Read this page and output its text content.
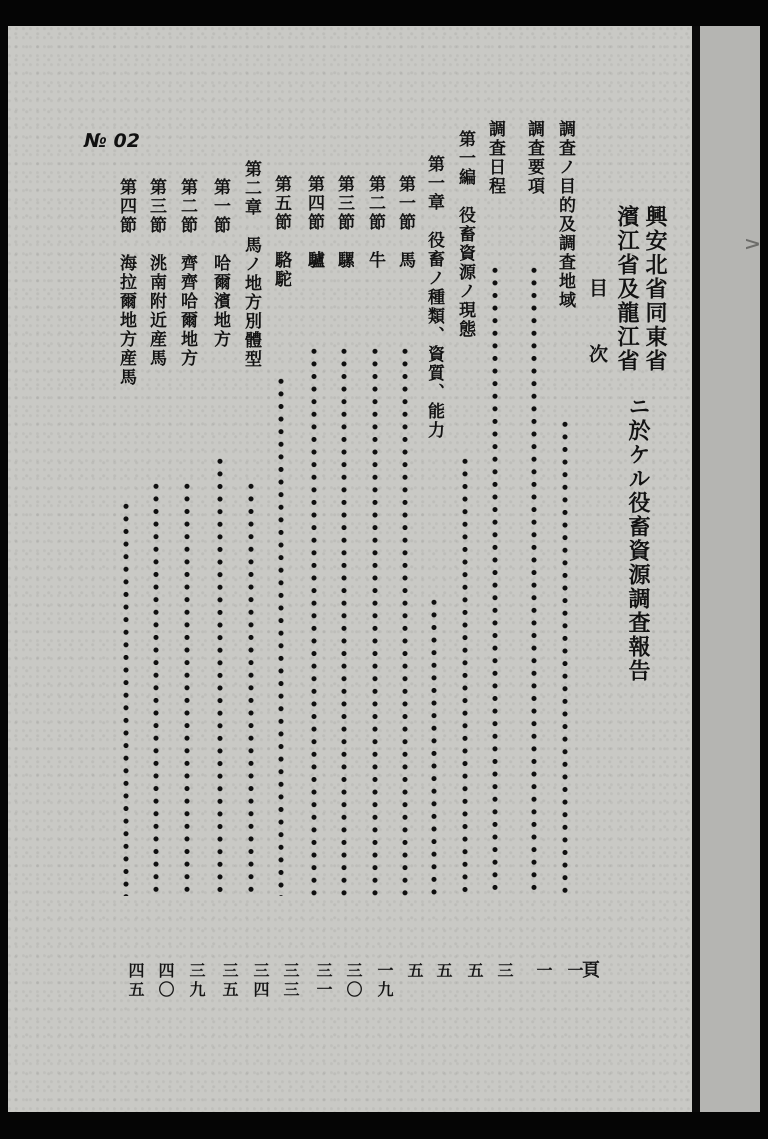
∧
№ 02
興安北省同東省
濱江省及龍江省
ニ於ケル役畜資源調査報告
目　次
頁
調査ノ目的及調査地域
一
調査要項
一
調査日程
三
第一編　役畜資源ノ現態
五
第一章　役畜ノ種類、資質、能力
五
第一節　馬
五
第二節　牛
一九
第三節　騾
三〇
第四節　驢
三一
第五節　駱駝
三三
第二章　馬ノ地方別體型
三四
第一節　哈爾濱地方
三五
第二節　齊齊哈爾地方
三九
第三節　洮南附近産馬
四〇
第四節　海拉爾地方産馬
四五
